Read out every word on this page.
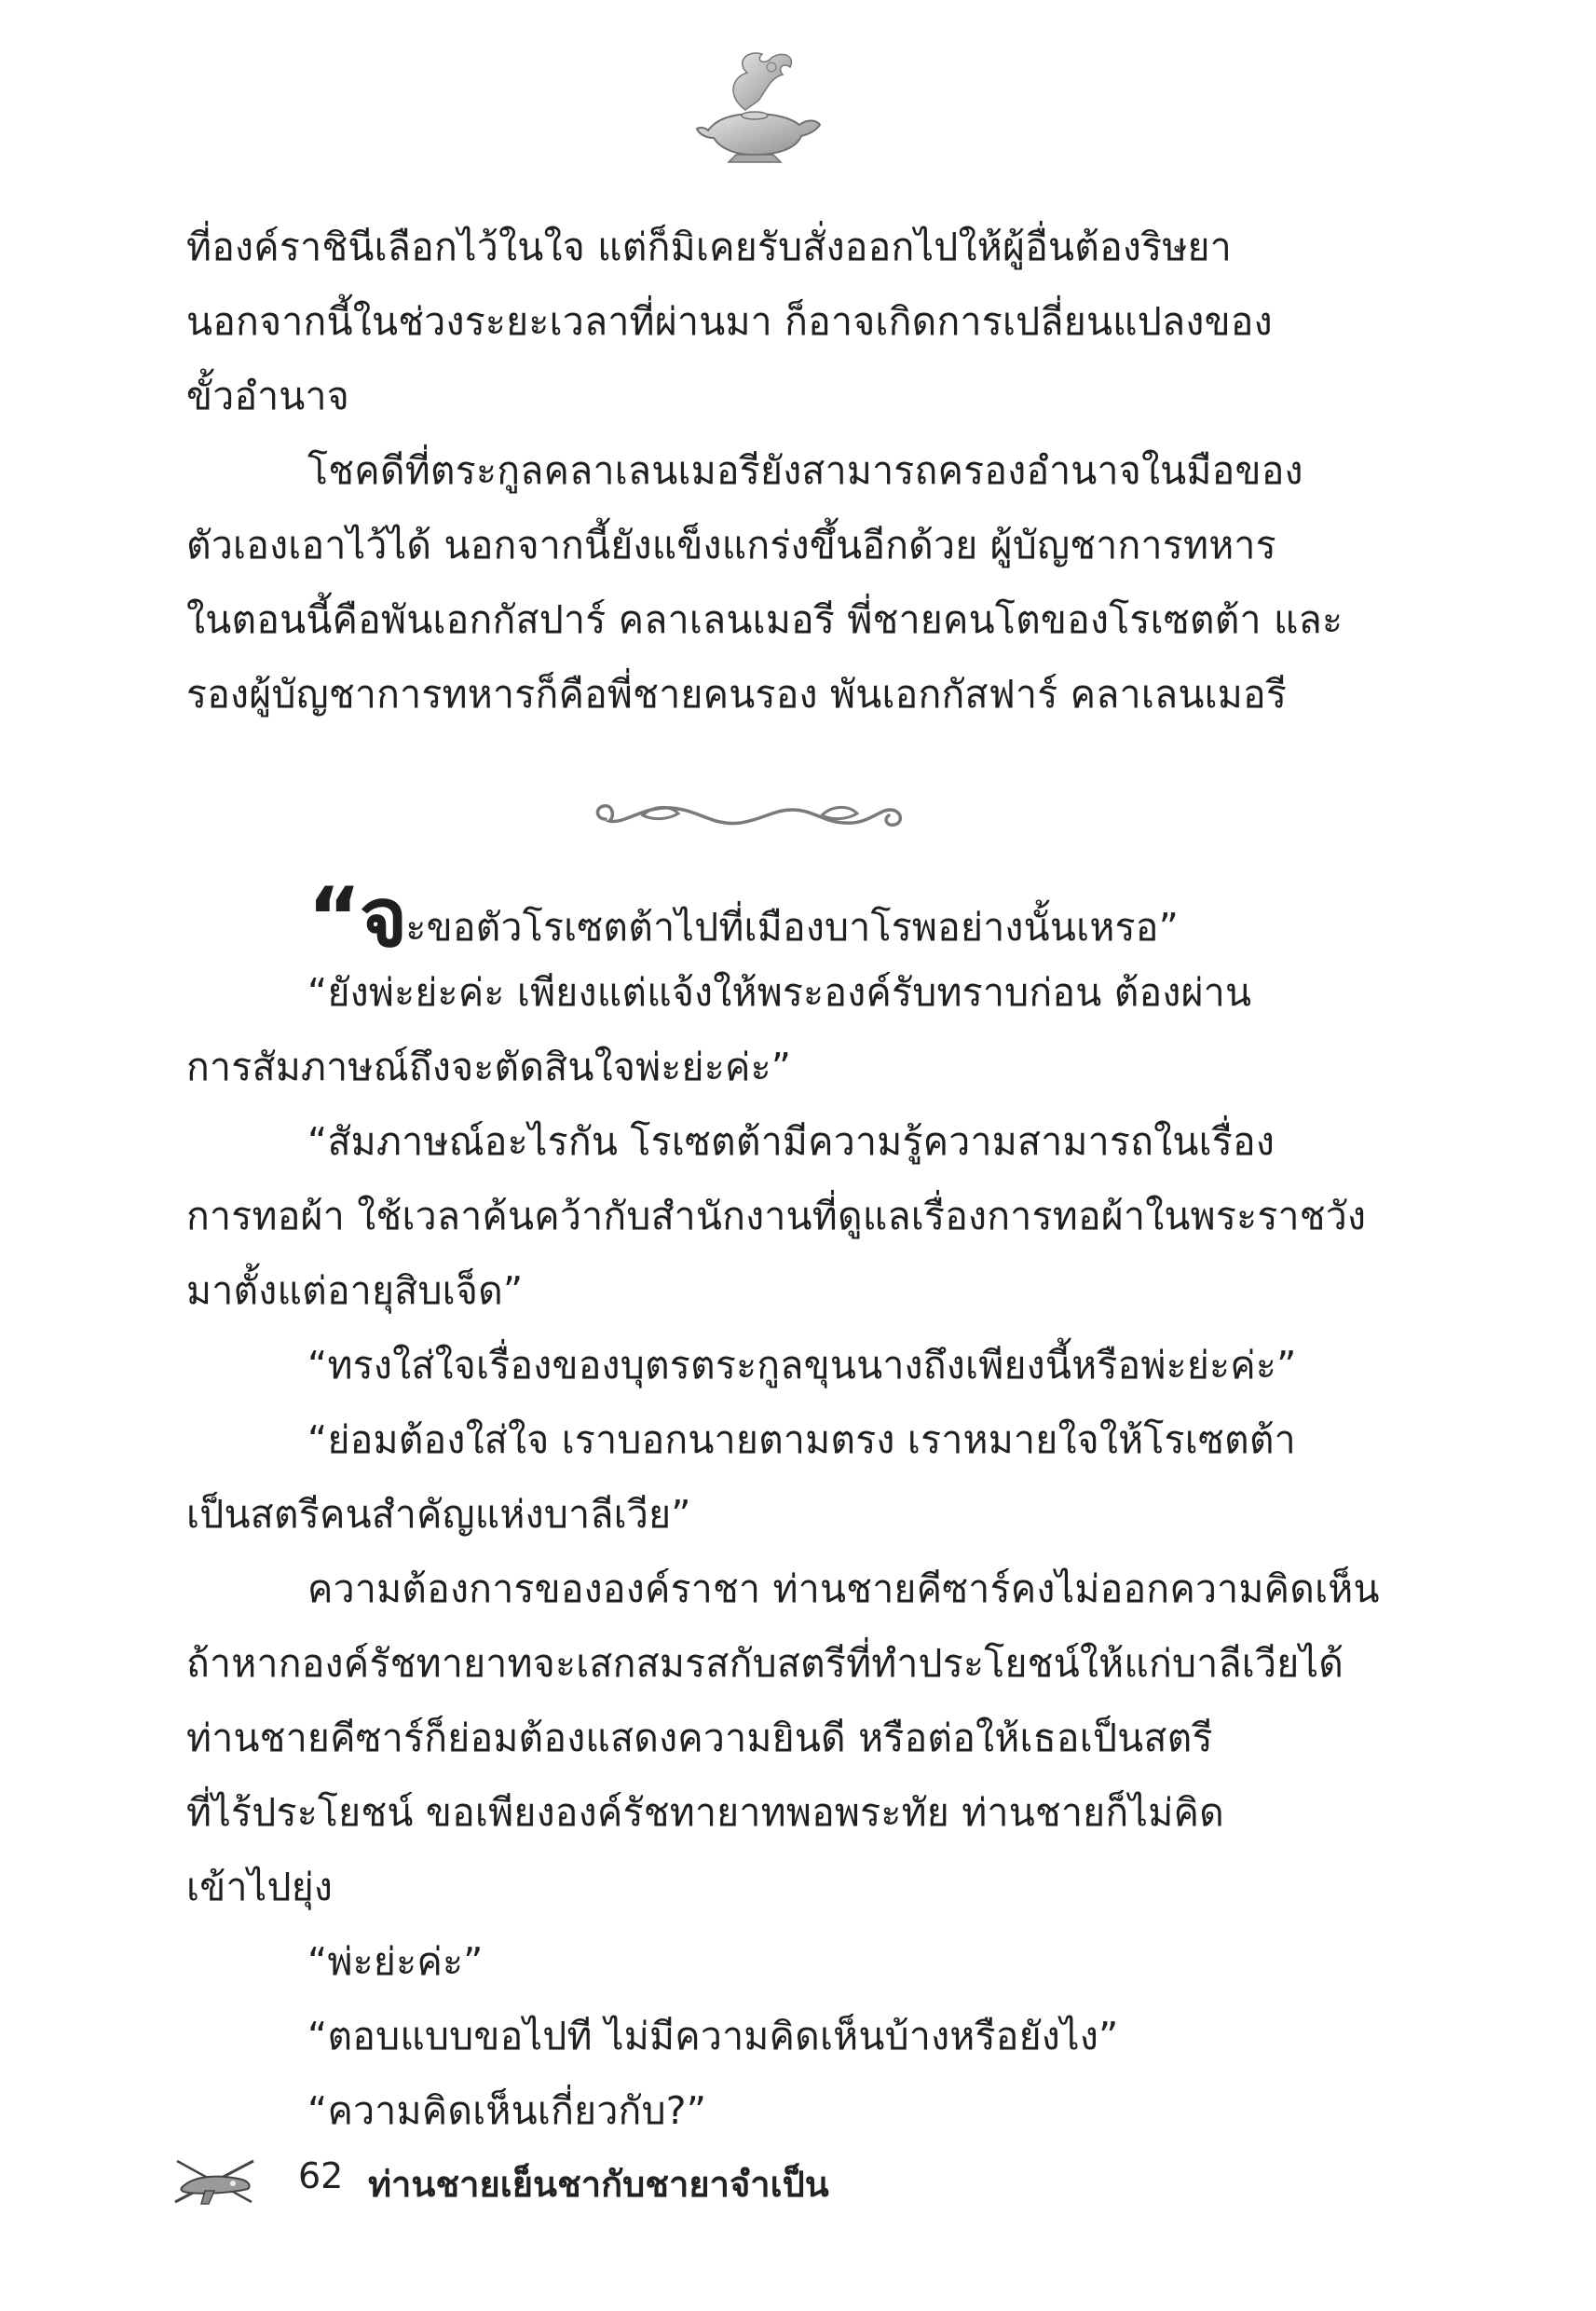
ที่องค์ราชินีเลือกไว้ในใจ แต่ก็มิเคยรับสั่งออกไปให้ผู้อื่นต้องริษยา
นอกจากนี้ในช่วงระยะเวลาที่ผ่านมา ก็อาจเกิดการเปลี่ยนแปลงของ
ขั้วอำนาจ

โชคดีที่ตระกูลคลาเลนเมอรียังสามารถครองอำนาจในมือของ
ตัวเองเอาไว้ได้ นอกจากนี้ยังแข็งแกร่งขึ้นอีกด้วย ผู้บัญชาการทหาร
ในตอนนี้คือพันเอกกัสปาร์ คลาเลนเมอรี พี่ชายคนโตของโรเซตต้า และ
รองผู้บัญชาการทหารก็คือพี่ชายคนรอง พันเอกกัสฟาร์ คลาเลนเมอรี

“จะขอตัวโรเซตต้าไปที่เมืองบาโรพอย่างนั้นเหรอ”

“ยังพ่ะย่ะค่ะ เพียงแต่แจ้งให้พระองค์รับทราบก่อน ต้องผ่าน
การสัมภาษณ์ถึงจะตัดสินใจพ่ะย่ะค่ะ”

“สัมภาษณ์อะไรกัน โรเซตต้ามีความรู้ความสามารถในเรื่อง
การทอผ้า ใช้เวลาค้นคว้ากับสำนักงานที่ดูแลเรื่องการทอผ้าในพระราชวัง
มาตั้งแต่อายุสิบเจ็ด”

“ทรงใส่ใจเรื่องของบุตรตระกูลขุนนางถึงเพียงนี้หรือพ่ะย่ะค่ะ”

“ย่อมต้องใส่ใจ เราบอกนายตามตรง เราหมายใจให้โรเซตต้า
เป็นสตรีคนสำคัญแห่งบาลีเวีย”

ความต้องการขององค์ราชา ท่านชายคีซาร์คงไม่ออกความคิดเห็น
ถ้าหากองค์รัชทายาทจะเสกสมรสกับสตรีที่ทำประโยชน์ให้แก่บาลีเวียได้
ท่านชายคีซาร์ก็ย่อมต้องแสดงความยินดี หรือต่อให้เธอเป็นสตรี
ที่ไร้ประโยชน์ ขอเพียงองค์รัชทายาทพอพระทัย ท่านชายก็ไม่คิด
เข้าไปยุ่ง

“พ่ะย่ะค่ะ”

“ตอบแบบขอไปที ไม่มีความคิดเห็นบ้างหรือยังไง”

“ความคิดเห็นเกี่ยวกับ?”

62 ท่านชายเย็นชากับชายาจำเป็น
